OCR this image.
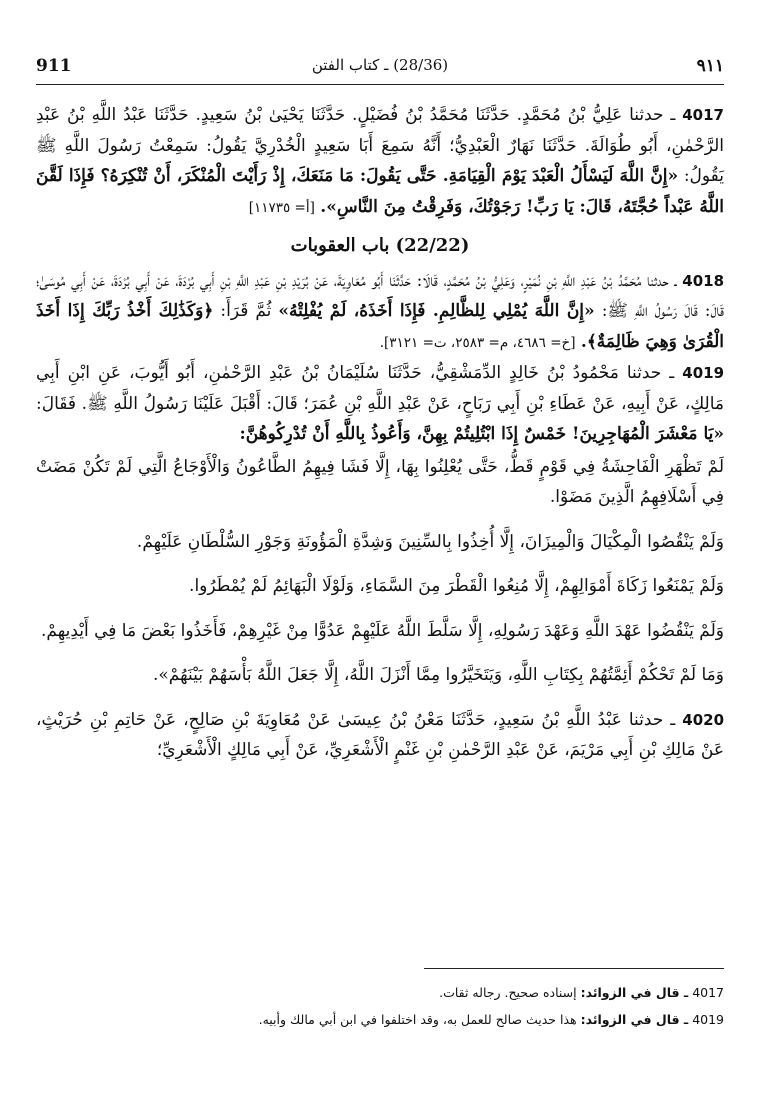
911	(28/36) ـ كتاب الفتن	٩١١

4017 ـ حدثنا عَلِيُّ بْنُ مُحَمَّدٍ. حَدَّثَنَا مُحَمَّدُ بْنُ فُضَيْلٍ. حَدَّثَنَا يَحْيَىٰ بْنُ سَعِيدٍ. حَدَّثَنَا عَبْدُ اللَّهِ بْنُ عَبْدِ الرَّحْمٰنِ، أَبُو طُوَالَةَ. حَدَّثَنَا نَهَارٌ الْعَبْدِيُّ؛ أَنَّهُ سَمِعَ أَبَا سَعِيدٍ الْخُدْرِيَّ يَقُولُ: سَمِعْتُ رَسُولَ اللَّهِ ﷺ يَقُولُ: «إِنَّ اللَّهَ لَيَسْأَلُ الْعَبْدَ يَوْمَ الْقِيَامَةِ. حَتَّى يَقُولَ: مَا مَنَعَكَ، إِذْ رَأَيْتَ الْمُنْكَرَ، أَنْ تُنْكِرَهُ؟ فَإِذَا لَقَّنَ اللَّهُ عَبْداً حُجَّتَهُ، قَالَ: يَا رَبِّ! رَجَوْتُكَ، وَفَرِقْتُ مِنَ النَّاسِ». [أ= ١١٧٣٥]

(22/22) باب العقوبات

4018 ـ حدثنا مُحَمَّدُ بْنُ عَبْدِ اللَّهِ بْنِ نُمَيْرٍ، وَعَلِيُّ بْنُ مُحَمَّدٍ، قَالَا: حَدَّثَنَا أَبُو مُعَاوِيَةَ، عَنْ بُرَيْدِ بْنِ عَبْدِ اللَّهِ بْنِ أَبِي بُرْدَةَ، عَنْ أَبِي بُرْدَةَ، عَنْ أَبِي مُوسَىٰ؛ قَالَ: قَالَ رَسُولُ اللَّهِ ﷺ: «إِنَّ اللَّهَ يُمْلِي لِلظَّالِمِ. فَإِذَا أَخَذَهُ، لَمْ يُفْلِتْهُ» ثُمَّ قَرَأَ: ﴿وَكَذَٰلِكَ أَخْذُ رَبِّكَ إِذَا أَخَذَ الْقُرَىٰ وَهِيَ ظَالِمَةٌ﴾. [خ= ٤٦٨٦، م= ٢٥٨٣، ت= ٣١٢١].

4019 ـ حدثنا مَحْمُودُ بْنُ خَالِدٍ الدِّمَشْقِيُّ، حَدَّثَنَا سُلَيْمَانُ بْنُ عَبْدِ الرَّحْمٰنِ، أَبُو أَيُّوبَ، عَنِ ابْنِ أَبِي مَالِكٍ، عَنْ أَبِيهِ، عَنْ عَطَاءِ بْنِ أَبِي رَبَاحٍ، عَنْ عَبْدِ اللَّهِ بْنِ عُمَرَ؛ قَالَ: أَقْبَلَ عَلَيْنَا رَسُولُ اللَّهِ ﷺ. فَقَالَ: «يَا مَعْشَرَ الْمُهَاجِرِينَ! خَمْسٌ إِذَا ابْتُلِيتُمْ بِهِنَّ، وَأَعُوذُ بِاللَّهِ أَنْ تُدْرِكُوهُنَّ:

لَمْ تَظْهَرِ الْفَاحِشَةُ فِي قَوْمٍ قَطُّ، حَتَّى يُعْلِنُوا بِهَا، إِلَّا فَشَا فِيهِمُ الطَّاعُونُ وَالْأَوْجَاعُ الَّتِي لَمْ تَكُنْ مَضَتْ فِي أَسْلَافِهِمُ الَّذِينَ مَضَوْا.

وَلَمْ يَنْقُصُوا الْمِكْيَالَ وَالْمِيزَانَ، إِلَّا أُخِذُوا بِالسِّنِينَ وَشِدَّةِ الْمَؤُونَةِ وَجَوْرِ السُّلْطَانِ عَلَيْهِمْ.

وَلَمْ يَمْنَعُوا زَكَاةَ أَمْوَالِهِمْ، إِلَّا مُنِعُوا الْقَطْرَ مِنَ السَّمَاءِ، وَلَوْلَا الْبَهَائِمُ لَمْ يُمْطَرُوا.

وَلَمْ يَنْقُضُوا عَهْدَ اللَّهِ وَعَهْدَ رَسُولِهِ، إِلَّا سَلَّطَ اللَّهُ عَلَيْهِمْ عَدُوًّا مِنْ غَيْرِهِمْ، فَأَخَذُوا بَعْضَ مَا فِي أَيْدِيهِمْ.

وَمَا لَمْ تَحْكُمْ أَئِمَّتُهُمْ بِكِتَابِ اللَّهِ، وَيَتَخَيَّرُوا مِمَّا أَنْزَلَ اللَّهُ، إِلَّا جَعَلَ اللَّهُ بَأْسَهُمْ بَيْنَهُمْ».

4020 ـ حدثنا عَبْدُ اللَّهِ بْنُ سَعِيدٍ، حَدَّثَنَا مَعْنُ بْنُ عِيسَىٰ عَنْ مُعَاوِيَةَ بْنِ صَالِحٍ، عَنْ حَاتِمِ بْنِ حُرَيْثٍ، عَنْ مَالِكِ بْنِ أَبِي مَرْيَمَ، عَنْ عَبْدِ الرَّحْمٰنِ بْنِ غَنْمٍ الْأَشْعَرِيِّ، عَنْ أَبِي مَالِكٍ الْأَشْعَرِيِّ؛

4017 ـ قال في الزوائد: إسناده صحيح. رجاله ثقات.

4019 ـ قال في الزوائد: هذا حديث صالح للعمل به، وقد اختلفوا في ابن أبي مالك وأبيه.
